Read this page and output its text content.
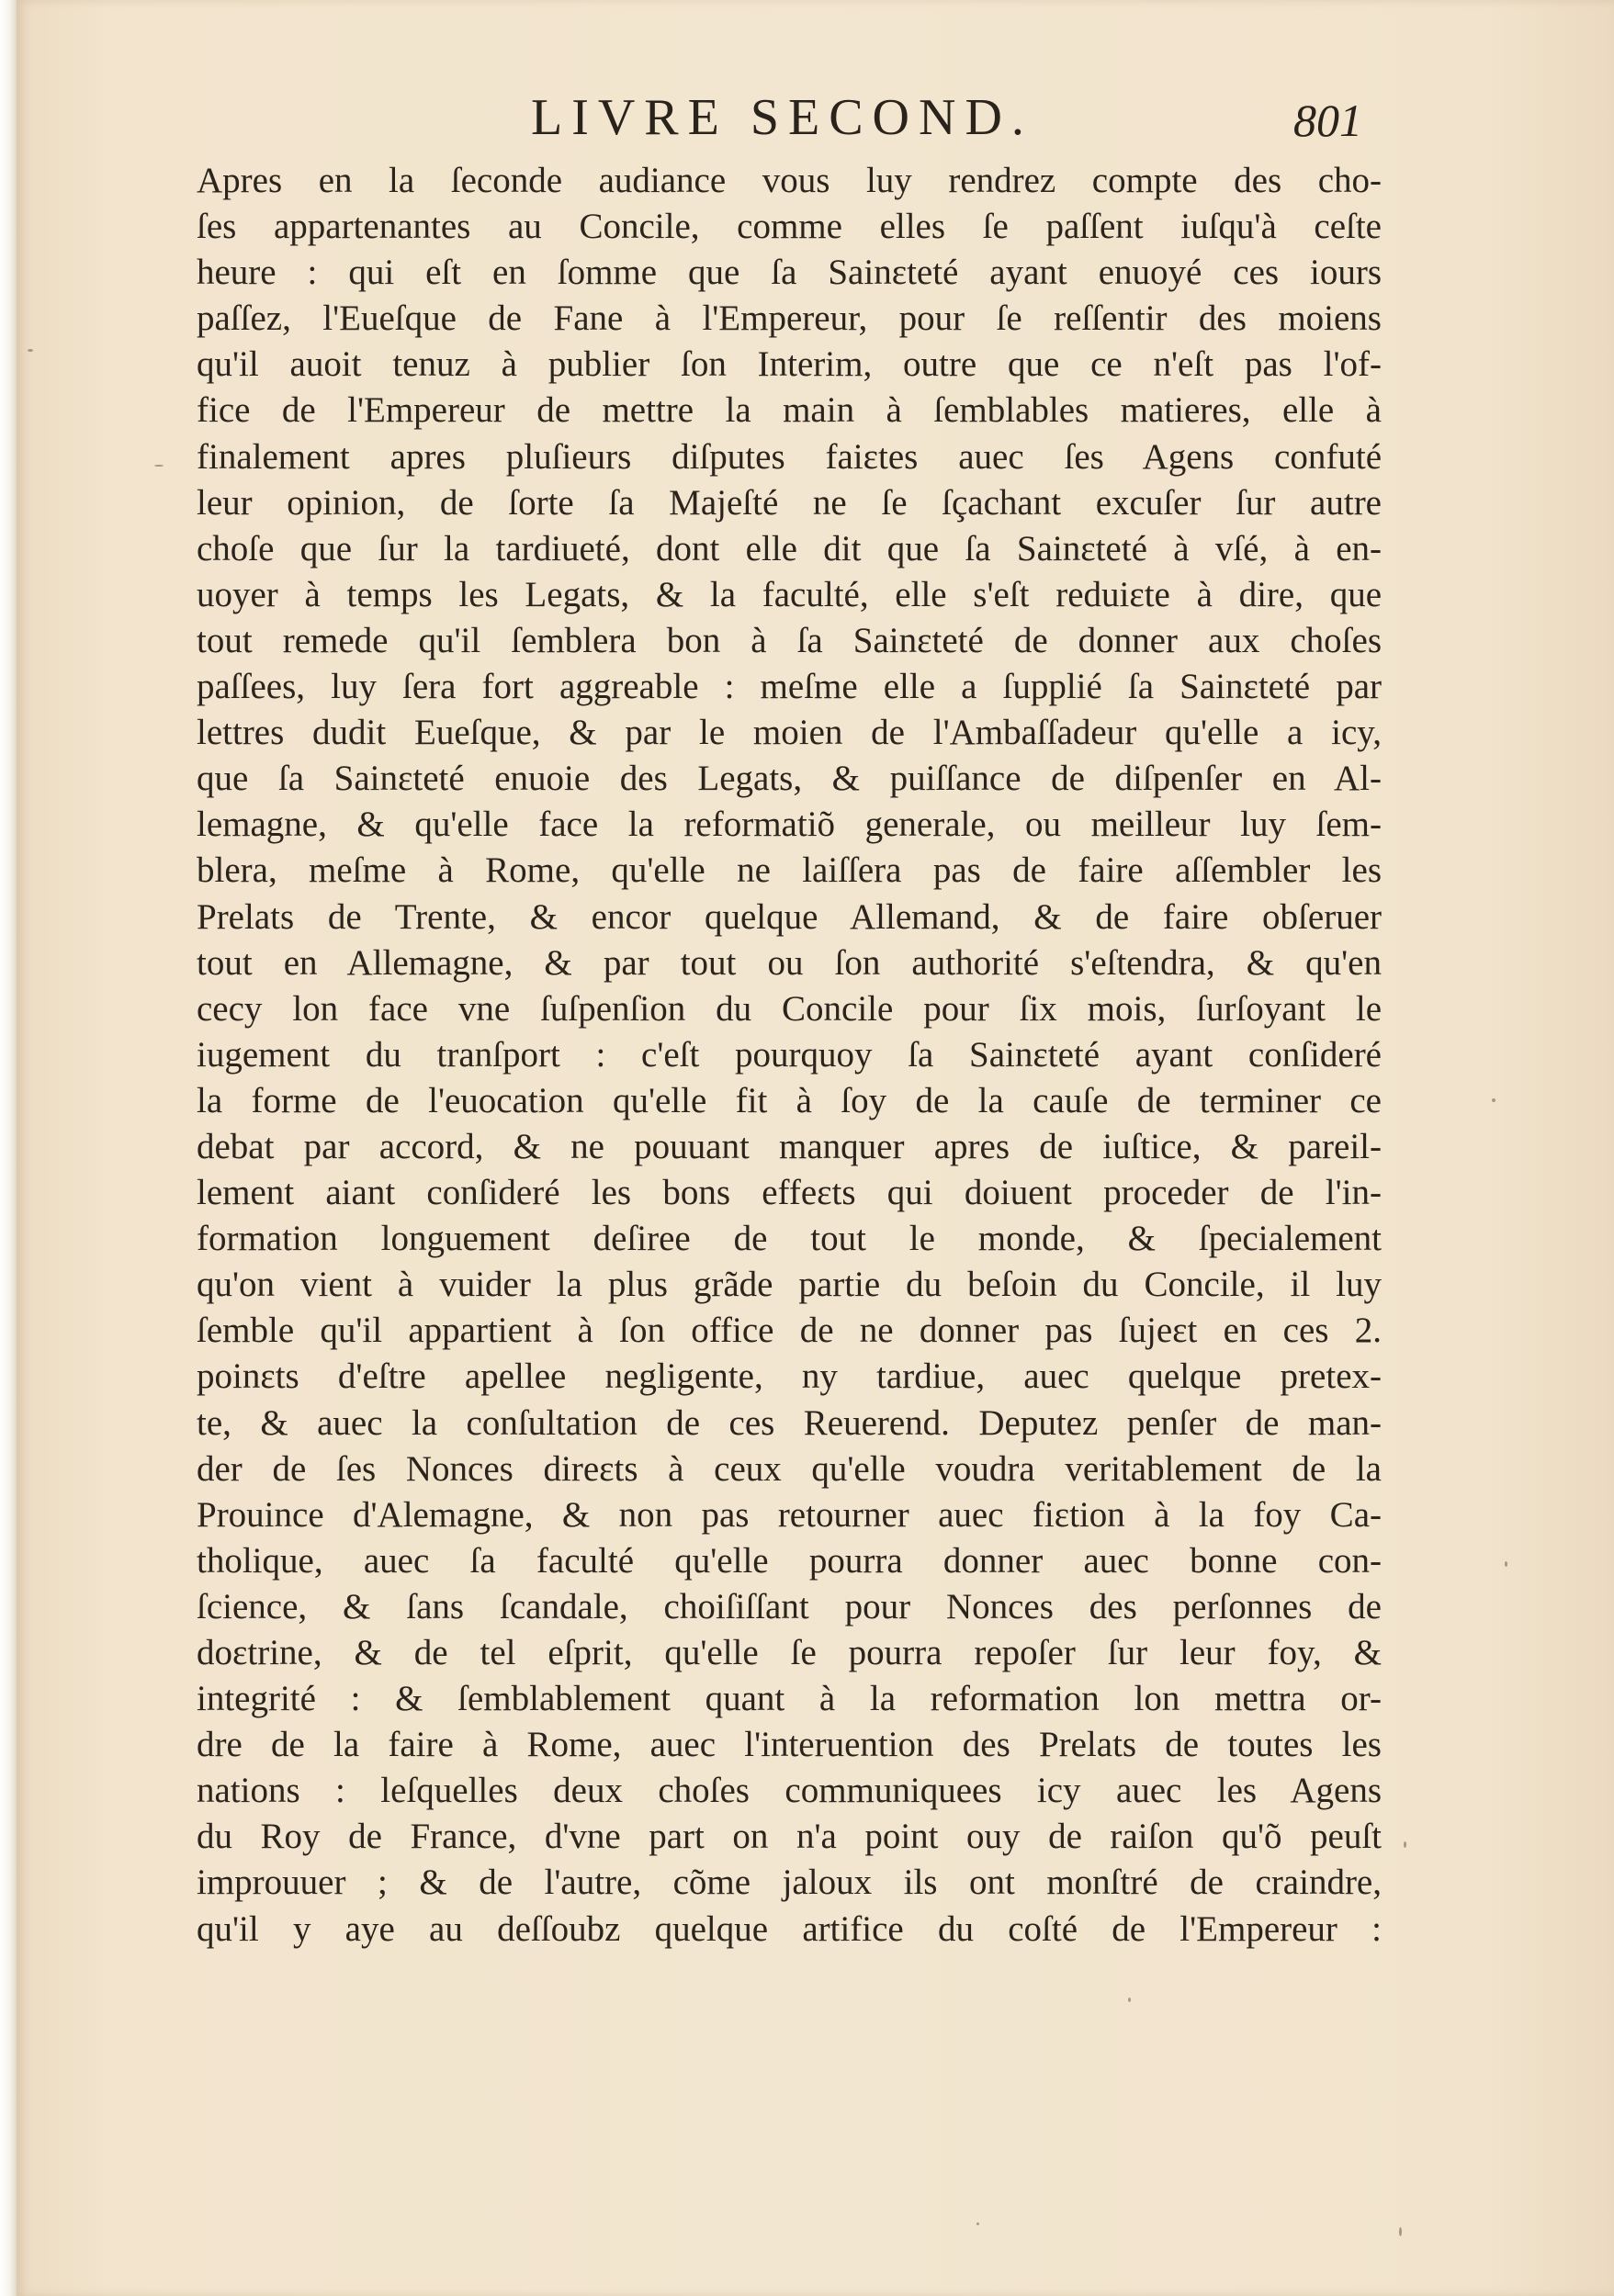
LIVRE SECOND.	801
Apres en la ſeconde audiance vous luy rendrez compte des cho-
ſes appartenantes au Concile, comme elles ſe paſſent iuſqu'à ceſte
heure : qui eſt en ſomme que ſa Sainɛteté ayant enuoyé ces iours
paſſez, l'Eueſque de Fane à l'Empereur, pour ſe reſſentir des moiens
qu'il auoit tenuz à publier ſon Interim, outre que ce n'eſt pas l'of-
fice de l'Empereur de mettre la main à ſemblables matieres, elle à
finalement apres pluſieurs diſputes faiɛtes auec ſes Agens confuté
leur opinion, de ſorte ſa Majeſté ne ſe ſçachant excuſer ſur autre
choſe que ſur la tardiueté, dont elle dit que ſa Sainɛteté à vſé, à en-
uoyer à temps les Legats, & la faculté, elle s'eſt reduiɛte à dire, que
tout remede qu'il ſemblera bon à ſa Sainɛteté de donner aux choſes
paſſees, luy ſera fort aggreable : meſme elle a ſupplié ſa Sainɛteté par
lettres dudit Eueſque, & par le moien de l'Ambaſſadeur qu'elle a icy,
que ſa Sainɛteté enuoie des Legats, & puiſſance de diſpenſer en Al-
lemagne, & qu'elle face la reformatiõ generale, ou meilleur luy ſem-
blera, meſme à Rome, qu'elle ne laiſſera pas de faire aſſembler les
Prelats de Trente, & encor quelque Allemand, & de faire obſeruer
tout en Allemagne, & par tout ou ſon authorité s'eſtendra, & qu'en
cecy lon face vne ſuſpenſion du Concile pour ſix mois, ſurſoyant le
iugement du tranſport : c'eſt pourquoy ſa Sainɛteté ayant conſideré
la forme de l'euocation qu'elle fit à ſoy de la cauſe de terminer ce
debat par accord, & ne pouuant manquer apres de iuſtice, & pareil-
lement aiant conſideré les bons effeɛts qui doiuent proceder de l'in-
formation longuement deſiree de tout le monde, & ſpecialement
qu'on vient à vuider la plus grãde partie du beſoin du Concile, il luy
ſemble qu'il appartient à ſon office de ne donner pas ſujeɛt en ces 2.
poinɛts d'eſtre apellee negligente, ny tardiue, auec quelque pretex-
te, & auec la conſultation de ces Reuerend. Deputez penſer de man-
der de ſes Nonces direɛts à ceux qu'elle voudra veritablement de la
Prouince d'Alemagne, & non pas retourner auec fiɛtion à la foy Ca-
tholique, auec ſa faculté qu'elle pourra donner auec bonne con-
ſcience, & ſans ſcandale, choiſiſſant pour Nonces des perſonnes de
doɛtrine, & de tel eſprit, qu'elle ſe pourra repoſer ſur leur foy, &
integrité : & ſemblablement quant à la reformation lon mettra or-
dre de la faire à Rome, auec l'interuention des Prelats de toutes les
nations : leſquelles deux choſes communiquees icy auec les Agens
du Roy de France, d'vne part on n'a point ouy de raiſon qu'õ peuſt
improuuer ; & de l'autre, cõme jaloux ils ont monſtré de craindre,
qu'il y aye au deſſoubz quelque artifice du coſté de l'Empereur :
